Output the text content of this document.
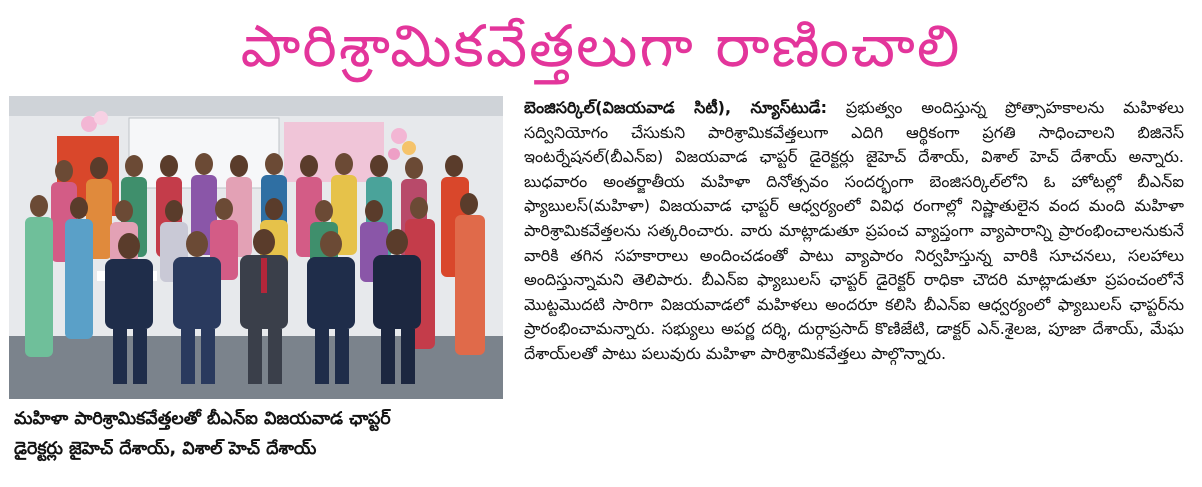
పారిశ్రామికవేత్తలుగా రాణించాలి
మహిళా పారిశ్రామికవేత్తలతో బీఎన్ఐ విజయవాడ ఛాప్టర్
డైరెక్టర్లు జైహెచ్ దేశాయ్, విశాల్ హెచ్ దేశాయ్
బెంజిసర్కిల్(విజయవాడ సిటీ), న్యూస్‌టుడే: ప్రభుత్వం అందిస్తున్న ప్రోత్సాహకాలను మహిళలు సద్వినియోగం చేసుకుని పారిశ్రామికవేత్తలుగా ఎదిగి ఆర్థికంగా ప్రగతి సాధించాలని బిజినెస్ ఇంటర్నేషనల్(బీఎన్ఐ) విజయవాడ ఛాప్టర్ డైరెక్టర్లు జైహెచ్ దేశాయ్, విశాల్ హెచ్ దేశాయ్ అన్నారు. బుధవారం అంతర్జాతీయ మహిళా దినోత్సవం సందర్భంగా బెంజిసర్కిల్‌లోని ఓ హోటల్లో బీఎన్ఐ ఫ్యాబులస్(మహిళా) విజయవాడ ఛాప్టర్ ఆధ్వర్యంలో వివిధ రంగాల్లో నిష్ణాతులైన వంద మంది మహిళా పారిశ్రామికవేత్తలను సత్కరించారు. వారు మాట్లాడుతూ ప్రపంచ వ్యాప్తంగా వ్యాపారాన్ని ప్రారంభించాలనుకునే వారికి తగిన సహకారాలు అందించడంతో పాటు వ్యాపారం నిర్వహిస్తున్న వారికి సూచనలు, సలహాలు అందిస్తున్నామని తెలిపారు. బీఎన్ఐ ఫ్యాబులస్ ఛాప్టర్ డైరెక్టర్ రాధికా చౌదరి మాట్లాడుతూ ప్రపంచంలోనే మొట్టమొదటి సారిగా విజయవాడలో మహిళలు అందరూ కలిసి బీఎన్ఐ ఆధ్వర్యంలో ఫ్యాబులస్ ఛాప్టర్‌ను ప్రారంభించామన్నారు. సభ్యులు అపర్ణ దర్శి, దుర్గాప్రసాద్ కొణిజేటి, డాక్టర్ ఎన్.శైలజ, పూజా దేశాయ్, మేఘ దేశాయ్‌లతో పాటు పలువురు మహిళా పారిశ్రామికవేత్తలు పాల్గొన్నారు.
